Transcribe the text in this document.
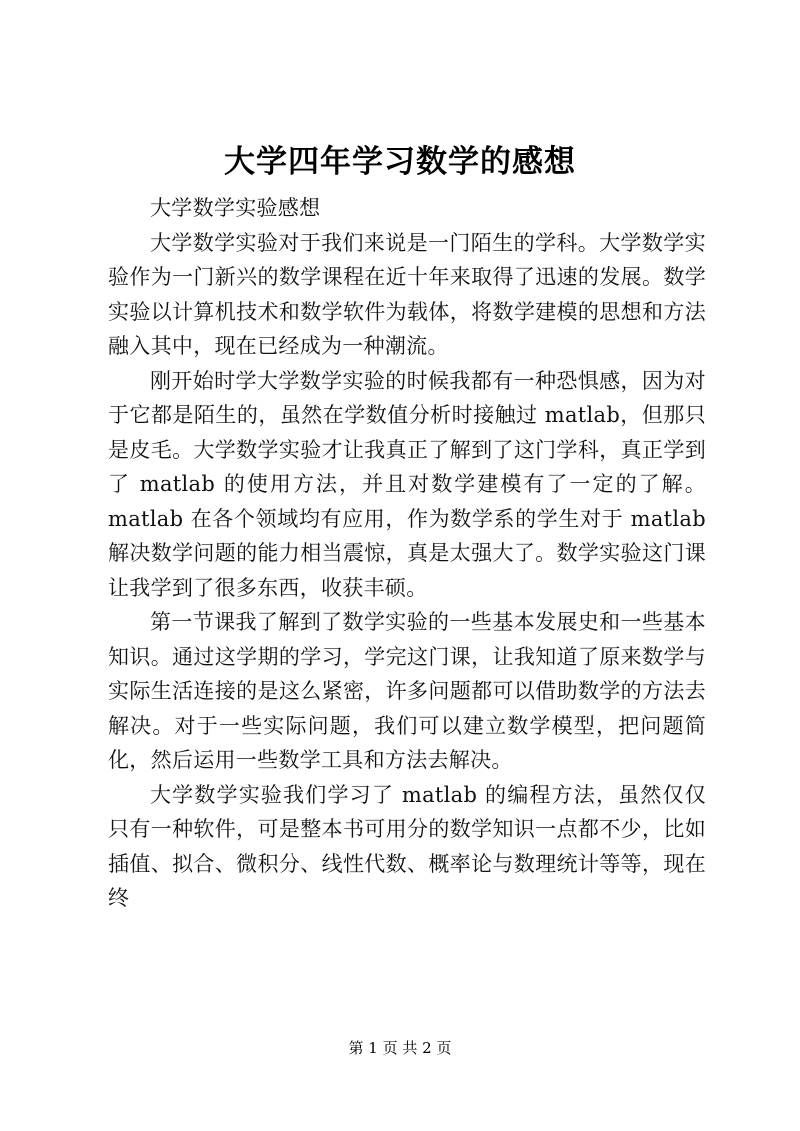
大学四年学习数学的感想

大学数学实验感想

大学数学实验对于我们来说是一门陌生的学科。大学数学实验作为一门新兴的数学课程在近十年来取得了迅速的发展。数学实验以计算机技术和数学软件为载体，将数学建模的思想和方法融入其中，现在已经成为一种潮流。

刚开始时学大学数学实验的时候我都有一种恐惧感，因为对于它都是陌生的，虽然在学数值分析时接触过 matlab，但那只是皮毛。大学数学实验才让我真正了解到了这门学科，真正学到了 matlab 的使用方法，并且对数学建模有了一定的了解。matlab 在各个领域均有应用，作为数学系的学生对于 matlab 解决数学问题的能力相当震惊，真是太强大了。数学实验这门课让我学到了很多东西，收获丰硕。

第一节课我了解到了数学实验的一些基本发展史和一些基本知识。通过这学期的学习，学完这门课，让我知道了原来数学与实际生活连接的是这么紧密，许多问题都可以借助数学的方法去解决。对于一些实际问题，我们可以建立数学模型，把问题简化，然后运用一些数学工具和方法去解决。

大学数学实验我们学习了 matlab 的编程方法，虽然仅仅只有一种软件，可是整本书可用分的数学知识一点都不少，比如插值、拟合、微积分、线性代数、概率论与数理统计等等，现在终

第 1 页 共 2 页
